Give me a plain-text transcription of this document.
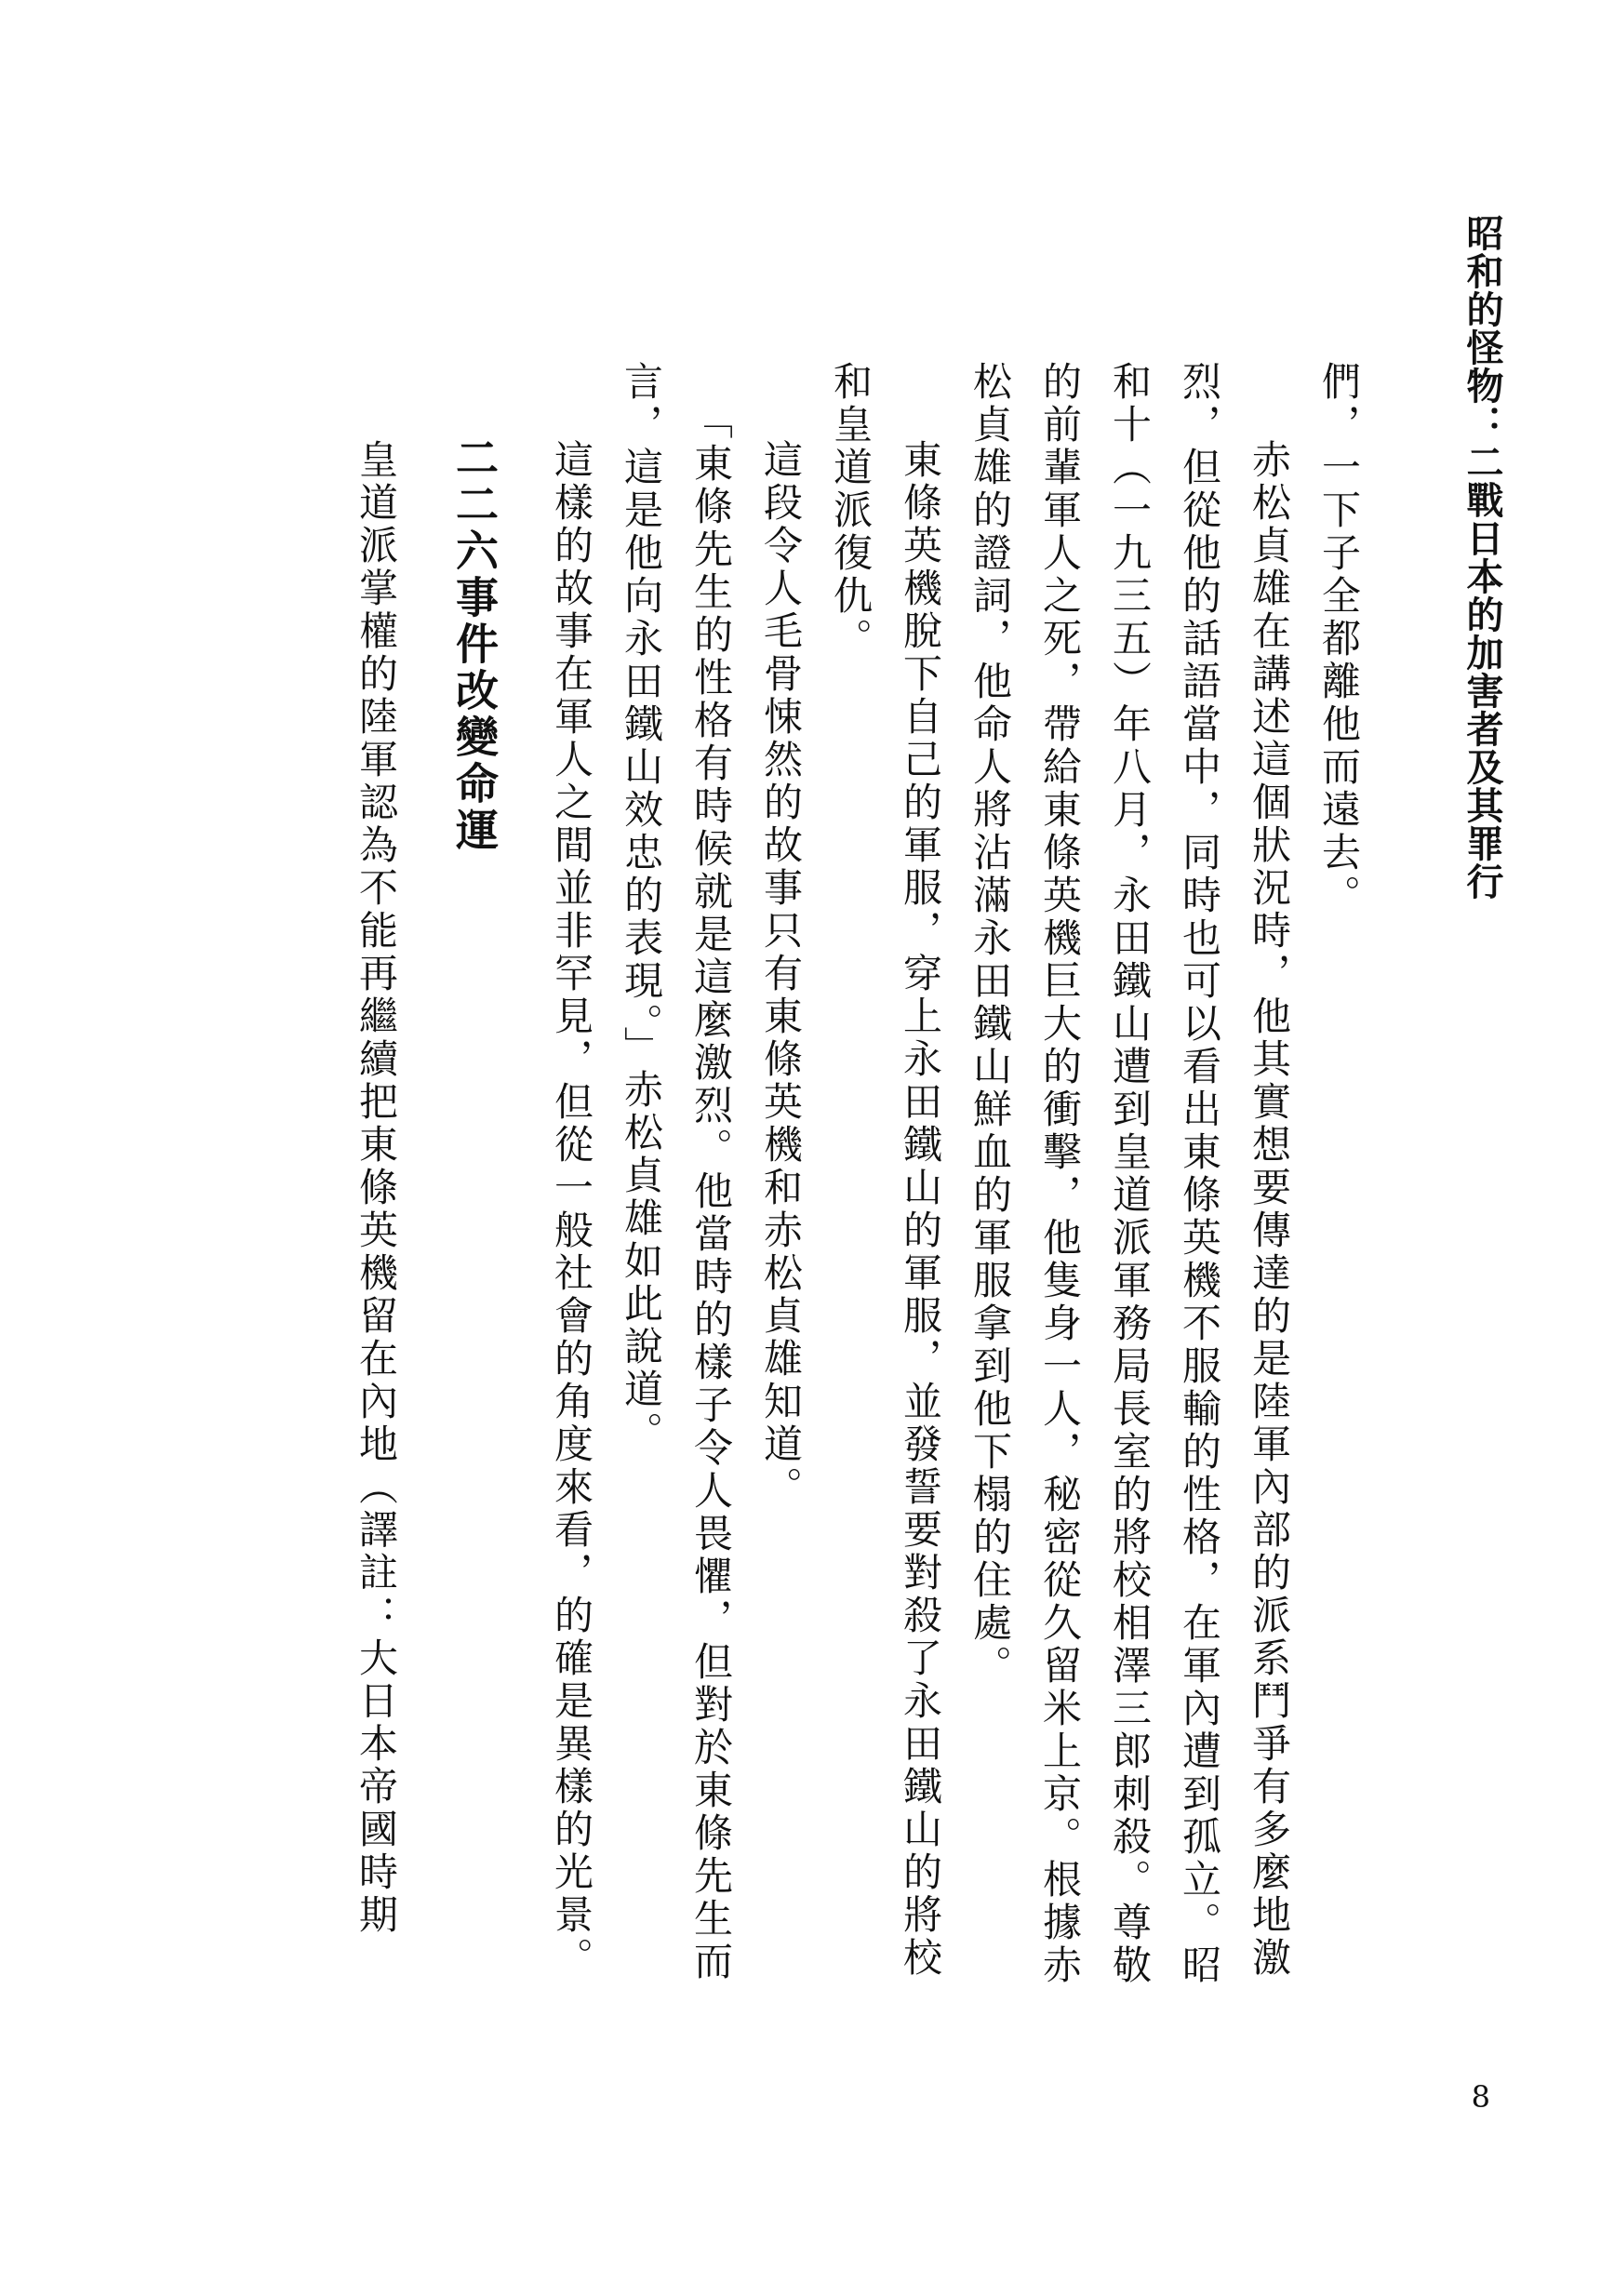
昭和的怪物：二戰日本的加害者及其罪行

們，一下子全都離他而遠去。

赤松貞雄在講述這個狀況時，他其實想要傳達的是陸軍內部的派系鬥爭有多麼地激烈，但從他的話語當中，同時也可以看出東條英機不服輸的性格，在軍內遭到孤立。昭和十（一九三五）年八月，永田鐵山遭到皇道派軍務局長室的將校相澤三郎刺殺。尊敬的前輩軍人之死，帶給東條英機巨大的衝擊，他隻身一人，秘密從久留米上京。根據赤松貞雄的證詞，他命人將沾滿永田鐵山鮮血的軍服拿到他下榻的住處。

東條英機脫下自己的軍服，穿上永田鐵山的軍服，並發誓要對殺了永田鐵山的將校和皇道派復仇。

這段令人毛骨悚然的故事只有東條英機和赤松貞雄知道。

「東條先生的性格有時候就是這麼激烈。他當時的樣子令人畏懼，但對於東條先生而言，這是他向永田鐵山效忠的表現。」赤松貞雄如此說道。

這樣的故事在軍人之間並非罕見，但從一般社會的角度來看，的確是異樣的光景。

二二六事件改變命運

皇道派掌權的陸軍認為不能再繼續把東條英機留在內地（譯註：大日本帝國時期

8
